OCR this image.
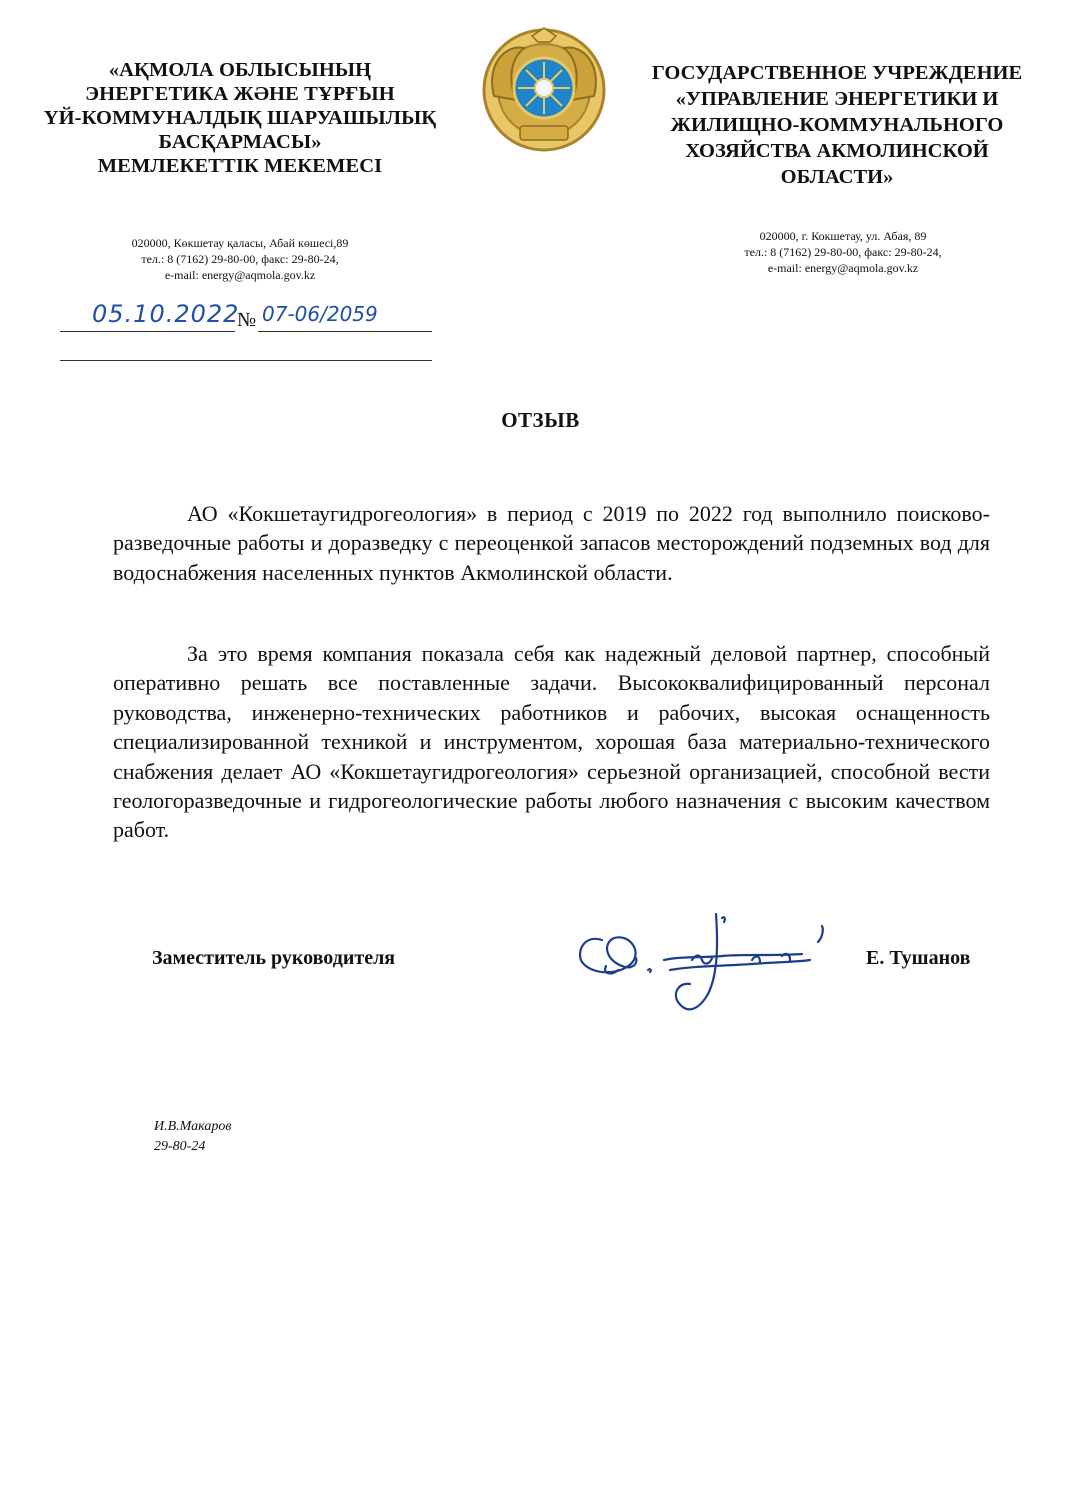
«АҚМОЛА ОБЛЫСЫНЫҢ
ЭНЕРГЕТИКА ЖӘНЕ ТҰРҒЫН
ҮЙ-КОММУНАЛДЫҚ ШАРУАШЫЛЫҚ
БАСҚАРМАСЫ»
МЕМЛЕКЕТТІК МЕКЕМЕСІ
ГОСУДАРСТВЕННОЕ УЧРЕЖДЕНИЕ
«УПРАВЛЕНИЕ ЭНЕРГЕТИКИ И
ЖИЛИЩНО-КОММУНАЛЬНОГО
ХОЗЯЙСТВА АКМОЛИНСКОЙ
ОБЛАСТИ»
020000, Көкшетау қаласы, Абай көшесі,89
тел.: 8 (7162) 29-80-00, факс: 29-80-24,
e-mail: energy@aqmola.gov.kz
020000, г. Кокшетау, ул. Абая, 89
тел.: 8 (7162) 29-80-00, факс: 29-80-24,
e-mail: energy@aqmola.gov.kz
05.10.2022
№ 07-06/2059
ОТЗЫВ

АО «Кокшетаугидрогеология» в период с 2019 по 2022 год выполнило поисково-разведочные работы и доразведку с переоценкой запасов месторождений подземных вод для водоснабжения населенных пунктов Акмолинской области.

За это время компания показала себя как надежный деловой партнер, способный оперативно решать все поставленные задачи. Высококвалифицированный персонал руководства, инженерно-технических работников и рабочих, высокая оснащенность специализированной техникой и инструментом, хорошая база материально-технического снабжения делает АО «Кокшетаугидрогеология» серьезной организацией, способной вести геологоразведочные и гидрогеологические работы любого назначения с высоким качеством работ.

Заместитель руководителя	Е. Тушанов
И.В.Макаров
29-80-24
